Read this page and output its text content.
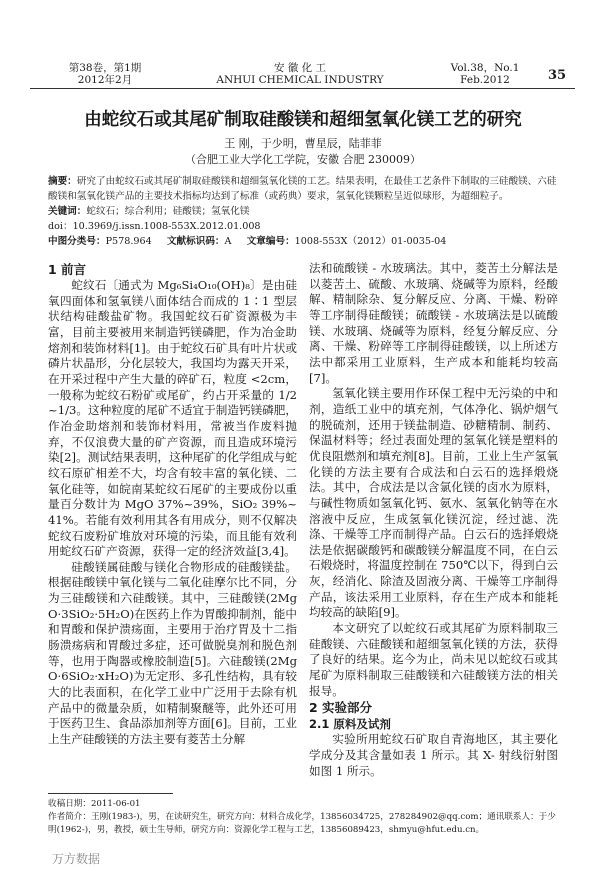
第38卷，第1期
2012年2月
安 徽 化 工
ANHUI CHEMICAL INDUSTRY
Vol.38，No.1
Feb.2012	35
由蛇纹石或其尾矿制取硅酸镁和超细氢氧化镁工艺的研究
王 刚，于少明，曹星辰，陆菲菲
（合肥工业大学化工学院，安徽 合肥 230009）
摘要：研究了由蛇纹石或其尾矿制取硅酸镁和超细氢氧化镁的工艺。结果表明，在最佳工艺条件下制取的三硅酸镁、六硅酸镁和氢氧化镁产品的主要技术指标均达到了标准（或药典）要求，氢氧化镁颗粒呈近似球形，为超细粒子。
关键词：蛇纹石；综合利用；硅酸镁；氢氧化镁
doi：10.3969/j.issn.1008-553X.2012.01.008
中图分类号：P578.964 文献标识码：A 文章编号：1008-553X（2012）01-0035-04
1 前言

蛇纹石〔通式为 Mg₆Si₄O₁₀(OH)₈〕是由硅氧四面体和氢氧镁八面体结合而成的 1∶1 型层状结构硅酸盐矿物。我国蛇纹石矿资源极为丰富，目前主要被用来制造钙镁磷肥，作为冶金助熔剂和装饰材料[1]。由于蛇纹石矿具有叶片状或磷片状晶形，分化层较大，我国均为露天开采，在开采过程中产生大量的碎矿石，粒度 <2cm，一般称为蛇纹石粉矿或尾矿，约占开采量的 1/2~1/3。这种粒度的尾矿不适宜于制造钙镁磷肥，作冶金助熔剂和装饰材料用，常被当作废料抛弃，不仅浪费大量的矿产资源，而且造成环境污染[2]。测试结果表明，这种尾矿的化学组成与蛇纹石原矿相差不大，均含有较丰富的氧化镁、二氧化硅等，如皖南某蛇纹石尾矿的主要成份以重量百分数计为 MgO 37%~39%，SiO₂ 39%~41%。若能有效利用其各有用成分，则不仅解决蛇纹石废粉矿堆放对环境的污染，而且能有效利用蛇纹石矿产资源，获得一定的经济效益[3,4]。

硅酸镁属硅酸与镁化合物形成的硅酸镁盐。根据硅酸镁中氧化镁与二氧化硅摩尔比不同，分为三硅酸镁和六硅酸镁。其中，三硅酸镁(2MgO·3SiO₂·5H₂O)在医药上作为胃酸抑制剂，能中和胃酸和保护溃疡面，主要用于治疗胃及十二指肠溃疡病和胃酸过多症，还可做脱臭剂和脱色剂等，也用于陶器或橡胶制造[5]。六硅酸镁(2MgO·6SiO₂·xH₂O)为无定形、多孔性结构，具有较大的比表面积，在化学工业中广泛用于去除有机产品中的微量杂质，如精制聚醚等，此外还可用于医药卫生、食品添加剂等方面[6]。目前，工业上生产硅酸镁的方法主要有菱苦土分解

法和硫酸镁 - 水玻璃法。其中，菱苦土分解法是以菱苦土、硫酸、水玻璃、烧碱等为原料，经酸解、精制除杂、复分解反应、分离、干燥、粉碎等工序制得硅酸镁；硫酸镁 - 水玻璃法是以硫酸镁、水玻璃、烧碱等为原料，经复分解反应、分离、干燥、粉碎等工序制得硅酸镁，以上所述方法中都采用工业原料，生产成本和能耗均较高[7]。

氢氧化镁主要用作环保工程中无污染的中和剂，造纸工业中的填充剂，气体净化、锅炉烟气的脱硫剂，还用于镁盐制造、砂糖精制、制药、保温材料等；经过表面处理的氢氧化镁是塑料的优良阻燃剂和填充剂[8]。目前，工业上生产氢氧化镁的方法主要有合成法和白云石的选择煅烧法。其中，合成法是以含氯化镁的卤水为原料，与碱性物质如氢氧化钙、氨水、氢氧化钠等在水溶液中反应，生成氢氧化镁沉淀，经过滤、洗涤、干燥等工序而制得产品。白云石的选择煅烧法是依据碳酸钙和碳酸镁分解温度不同，在白云石煅烧时，将温度控制在 750℃以下，得到白云灰，经消化、除渣及固液分离、干燥等工序制得产品，该法采用工业原料，存在生产成本和能耗均较高的缺陷[9]。

本文研究了以蛇纹石或其尾矿为原料制取三硅酸镁、六硅酸镁和超细氢氧化镁的方法，获得了良好的结果。迄今为止，尚未见以蛇纹石或其尾矿为原料制取三硅酸镁和六硅酸镁方法的相关报导。

2 实验部分
2.1 原料及试剂

实验所用蛇纹石矿取自青海地区，其主要化学成分及其含量如表 1 所示。其 X- 射线衍射图如图 1 所示。

收稿日期：2011-06-01
作者简介：王刚(1983-)，男，在读研究生，研究方向：材料合成化学，13856034725，278284902@qq.com；通讯联系人：于少明(1962-)，男，教授，硕士生导师，研究方向：资源化学工程与工艺，13856089423，shmyu@hfut.edu.cn。
万方数据
